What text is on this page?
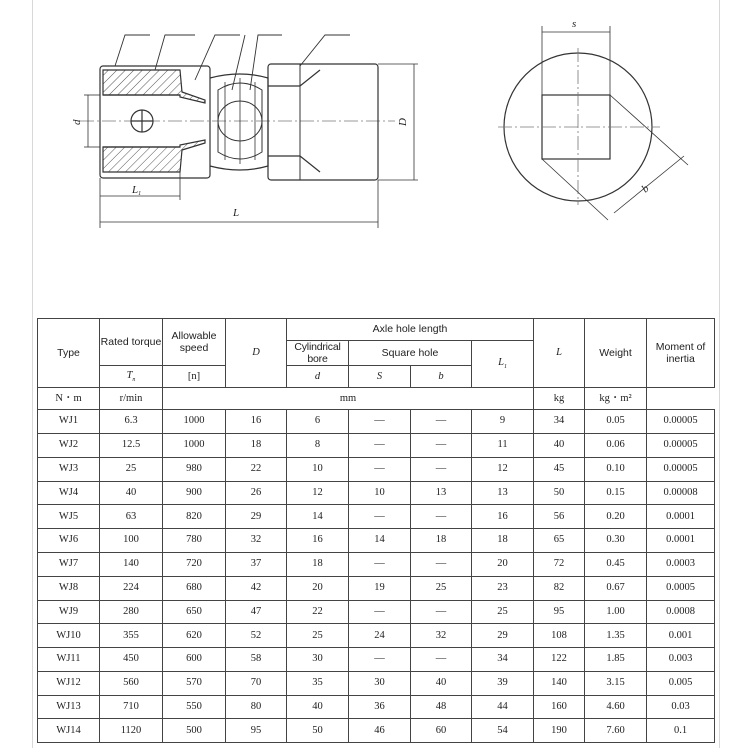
d	D
L1
L
s
b
Type	Rated torque	Allowable speed	D	Axle hole length				L	Weight	Moment of inertia
				Cylindrical bore	Square hole		$L_1$
	$T_n$	[n]		d	S	b				
N・m	r/min	mm						kg	kg・m²	
WJ1	6.3	1000	16	6	—	—	9	34	0.05	0.00005
WJ2	12.5	1000	18	8	—	—	11	40	0.06	0.00005
WJ3	25	980	22	10	—	—	12	45	0.10	0.00005
WJ4	40	900	26	12	10	13	13	50	0.15	0.00008
WJ5	63	820	29	14	—	—	16	56	0.20	0.0001
WJ6	100	780	32	16	14	18	18	65	0.30	0.0001
WJ7	140	720	37	18	—	—	20	72	0.45	0.0003
WJ8	224	680	42	20	19	25	23	82	0.67	0.0005
WJ9	280	650	47	22	—	—	25	95	1.00	0.0008
WJ10	355	620	52	25	24	32	29	108	1.35	0.001
WJ11	450	600	58	30	—	—	34	122	1.85	0.003
WJ12	560	570	70	35	30	40	39	140	3.15	0.005
WJ13	710	550	80	40	36	48	44	160	4.60	0.03
WJ14	1120	500	95	50	46	60	54	190	7.60	0.1
